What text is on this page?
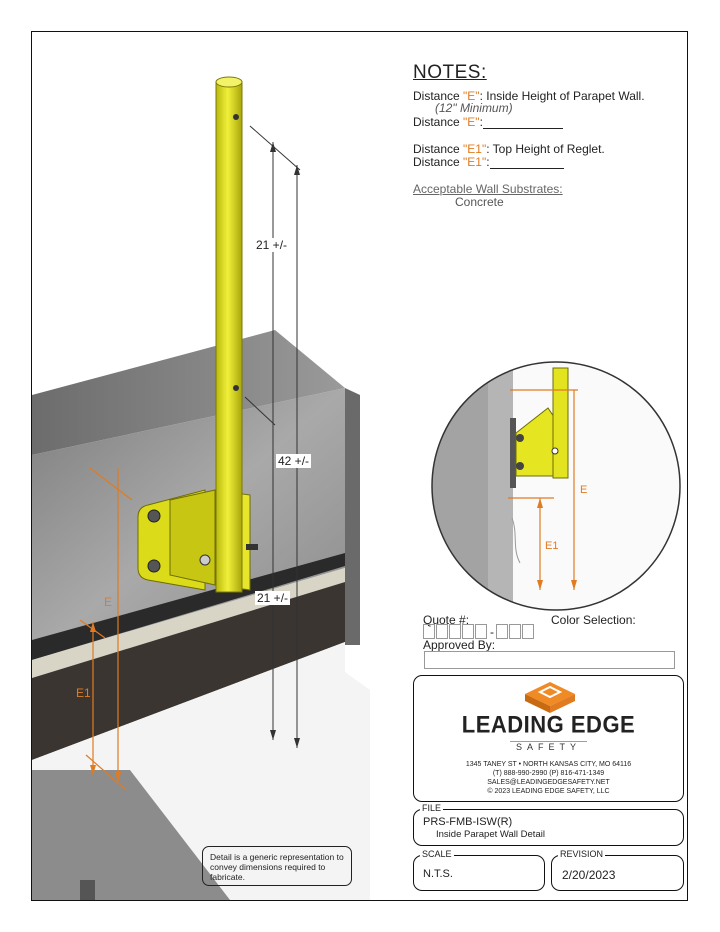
21 +/-
42 +/-
21 +/-
E
E1
NOTES:
Distance "E": Inside Height of Parapet Wall.
(12" Minimum)
Distance "E":
Distance "E1": Top Height of Reglet.
Distance "E1":
Acceptable Wall Substrates:
Concrete
E
E1
Quote #:	Color Selection:
-
Approved By:
LEADING EDGE
SAFETY
1345 TANEY ST • NORTH KANSAS CITY, MO 64116
(T) 888-990-2990 (P) 816-471-1349
SALES@LEADINGEDGESAFETY.NET
© 2023 LEADING EDGE SAFETY, LLC
FILE
PRS-FMB-ISW(R)
Inside Parapet Wall Detail
SCALE
N.T.S.
REVISION
2/20/2023
Detail is a generic representation to convey dimensions required to fabricate.
